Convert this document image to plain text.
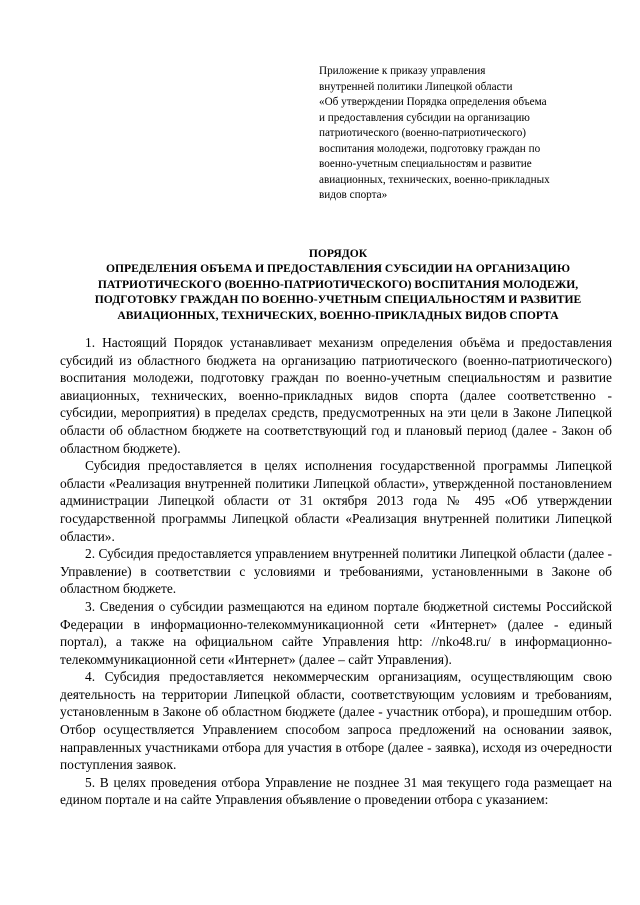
Приложение к приказу управления
внутренней политики Липецкой области
«Об утверждении Порядка определения объема
и предоставления субсидии на организацию
патриотического (военно-патриотического)
воспитания молодежи, подготовку граждан по
военно-учетным специальностям и развитие
авиационных, технических, военно-прикладных
видов спорта»
ПОРЯДОК
ОПРЕДЕЛЕНИЯ ОБЪЕМА И ПРЕДОСТАВЛЕНИЯ СУБСИДИИ НА ОРГАНИЗАЦИЮ
ПАТРИОТИЧЕСКОГО (ВОЕННО-ПАТРИОТИЧЕСКОГО) ВОСПИТАНИЯ МОЛОДЕЖИ,
ПОДГОТОВКУ ГРАЖДАН ПО ВОЕННО-УЧЕТНЫМ СПЕЦИАЛЬНОСТЯМ И РАЗВИТИЕ
АВИАЦИОННЫХ, ТЕХНИЧЕСКИХ, ВОЕННО-ПРИКЛАДНЫХ ВИДОВ СПОРТА

1. Настоящий Порядок устанавливает механизм определения объёма и предоставления субсидий из областного бюджета на организацию патриотического (военно-патриотического) воспитания молодежи, подготовку граждан по военно-учетным специальностям и развитие авиационных, технических, военно-прикладных видов спорта (далее соответственно - субсидии, мероприятия) в пределах средств, предусмотренных на эти цели в Законе Липецкой области об областном бюджете на соответствующий год и плановый период (далее - Закон об областном бюджете).

Субсидия предоставляется в целях исполнения государственной программы Липецкой области «Реализация внутренней политики Липецкой области», утвержденной постановлением администрации Липецкой области от 31 октября 2013 года № 495 «Об утверждении государственной программы Липецкой области «Реализация внутренней политики Липецкой области».

2. Субсидия предоставляется управлением внутренней политики Липецкой области (далее - Управление) в соответствии с условиями и требованиями, установленными в Законе об областном бюджете.

3. Сведения о субсидии размещаются на едином портале бюджетной системы Российской Федерации в информационно-телекоммуникационной сети «Интернет» (далее - единый портал), а также на официальном сайте Управления http: //nko48.ru/ в информационно-телекоммуникационной сети «Интернет» (далее – сайт Управления).

4. Субсидия предоставляется некоммерческим организациям, осуществляющим свою деятельность на территории Липецкой области, соответствующим условиям и требованиям, установленным в Законе об областном бюджете (далее - участник отбора), и прошедшим отбор. Отбор осуществляется Управлением способом запроса предложений на основании заявок, направленных участниками отбора для участия в отборе (далее - заявка), исходя из очередности поступления заявок.

5. В целях проведения отбора Управление не позднее 31 мая текущего года размещает на едином портале и на сайте Управления объявление о проведении отбора с указанием:
